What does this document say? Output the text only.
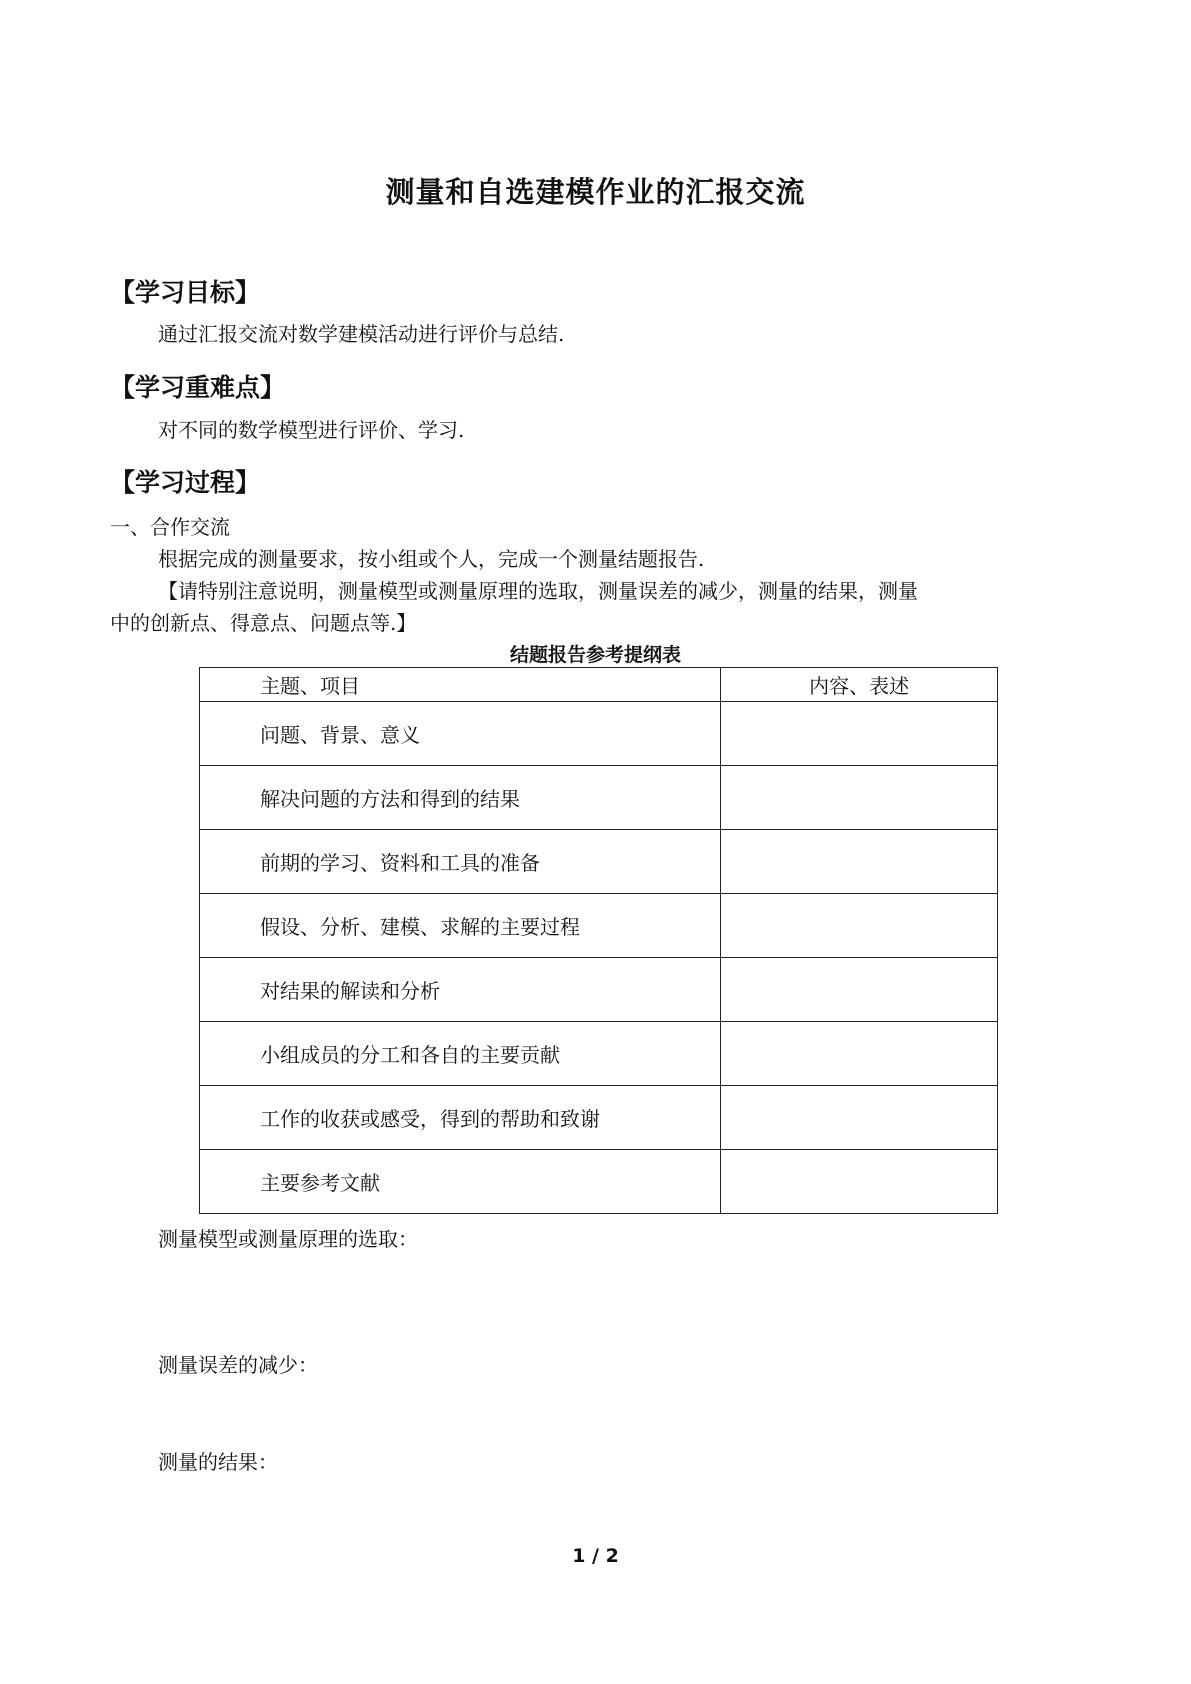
测量和自选建模作业的汇报交流
【学习目标】

通过汇报交流对数学建模活动进行评价与总结.

【学习重难点】

对不同的数学模型进行评价、学习.

【学习过程】

一、合作交流

根据完成的测量要求，按小组或个人，完成一个测量结题报告.

【请特别注意说明，测量模型或测量原理的选取，测量误差的减少，测量的结果，测量

中的创新点、得意点、问题点等.】

结题报告参考提纲表

主题、项目	内容、表述
问题、背景、意义	
解决问题的方法和得到的结果	
前期的学习、资料和工具的准备	
假设、分析、建模、求解的主要过程	
对结果的解读和分析	
小组成员的分工和各自的主要贡献	
工作的收获或感受，得到的帮助和致谢	
主要参考文献	

测量模型或测量原理的选取：

测量误差的减少：

测量的结果：

1 / 2
